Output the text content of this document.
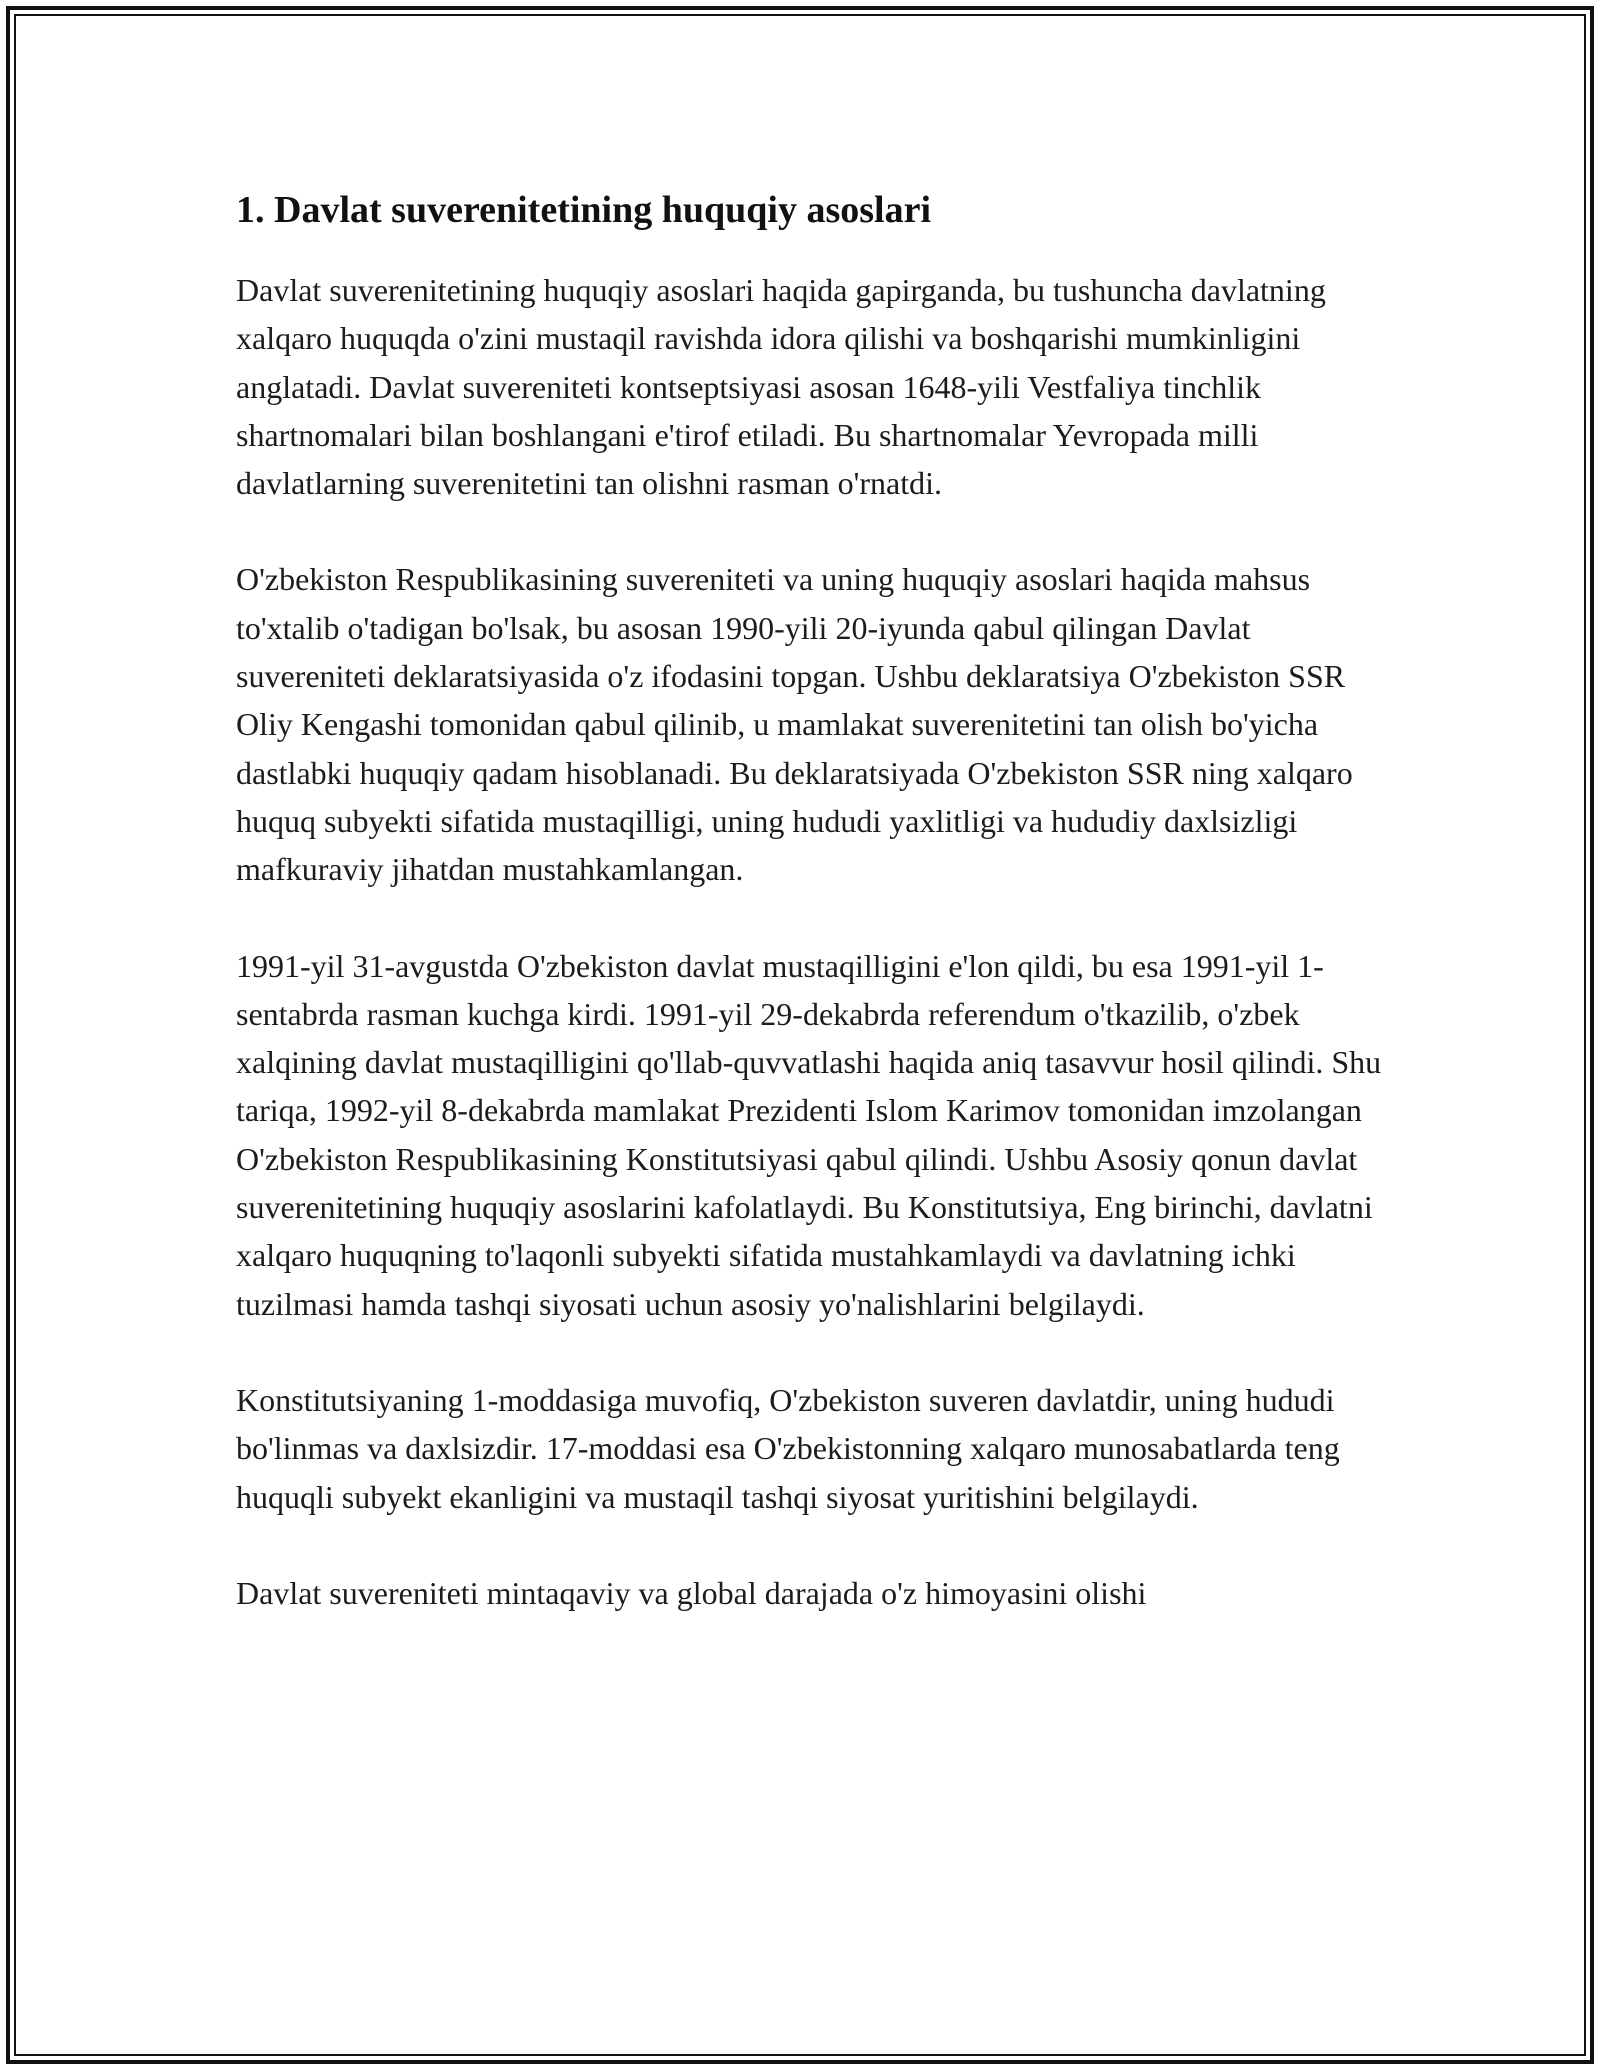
1. Davlat suverenitetining huquqiy asoslari

Davlat suverenitetining huquqiy asoslari haqida gapirganda, bu tushuncha davlatning xalqaro huquqda o'zini mustaqil ravishda idora qilishi va boshqarishi mumkinligini anglatadi. Davlat suvereniteti kontseptsiyasi asosan 1648-yili Vestfaliya tinchlik shartnomalari bilan boshlangani e'tirof etiladi. Bu shartnomalar Yevropada milli davlatlarning suverenitetini tan olishni rasman o'rnatdi.

O'zbekiston Respublikasining suvereniteti va uning huquqiy asoslari haqida mahsus to'xtalib o'tadigan bo'lsak, bu asosan 1990-yili 20-iyunda qabul qilingan Davlat suvereniteti deklaratsiyasida o'z ifodasini topgan. Ushbu deklaratsiya O'zbekiston SSR Oliy Kengashi tomonidan qabul qilinib, u mamlakat suverenitetini tan olish bo'yicha dastlabki huquqiy qadam hisoblanadi. Bu deklaratsiyada O'zbekiston SSR ning xalqaro huquq subyekti sifatida mustaqilligi, uning hududi yaxlitligi va hududiy daxlsizligi mafkuraviy jihatdan mustahkamlangan.

1991-yil 31-avgustda O'zbekiston davlat mustaqilligini e'lon qildi, bu esa 1991-yil 1-sentabrda rasman kuchga kirdi. 1991-yil 29-dekabrda referendum o'tkazilib, o'zbek xalqining davlat mustaqilligini qo'llab-quvvatlashi haqida aniq tasavvur hosil qilindi. Shu tariqa, 1992-yil 8-dekabrda mamlakat Prezidenti Islom Karimov tomonidan imzolangan O'zbekiston Respublikasining Konstitutsiyasi qabul qilindi. Ushbu Asosiy qonun davlat suverenitetining huquqiy asoslarini kafolatlaydi. Bu Konstitutsiya, Eng birinchi, davlatni xalqaro huquqning to'laqonli subyekti sifatida mustahkamlaydi va davlatning ichki tuzilmasi hamda tashqi siyosati uchun asosiy yo'nalishlarini belgilaydi.

Konstitutsiyaning 1-moddasiga muvofiq, O'zbekiston suveren davlatdir, uning hududi bo'linmas va daxlsizdir. 17-moddasi esa O'zbekistonning xalqaro munosabatlarda teng huquqli subyekt ekanligini va mustaqil tashqi siyosat yuritishini belgilaydi.

Davlat suvereniteti mintaqaviy va global darajada o'z himoyasini olishi
